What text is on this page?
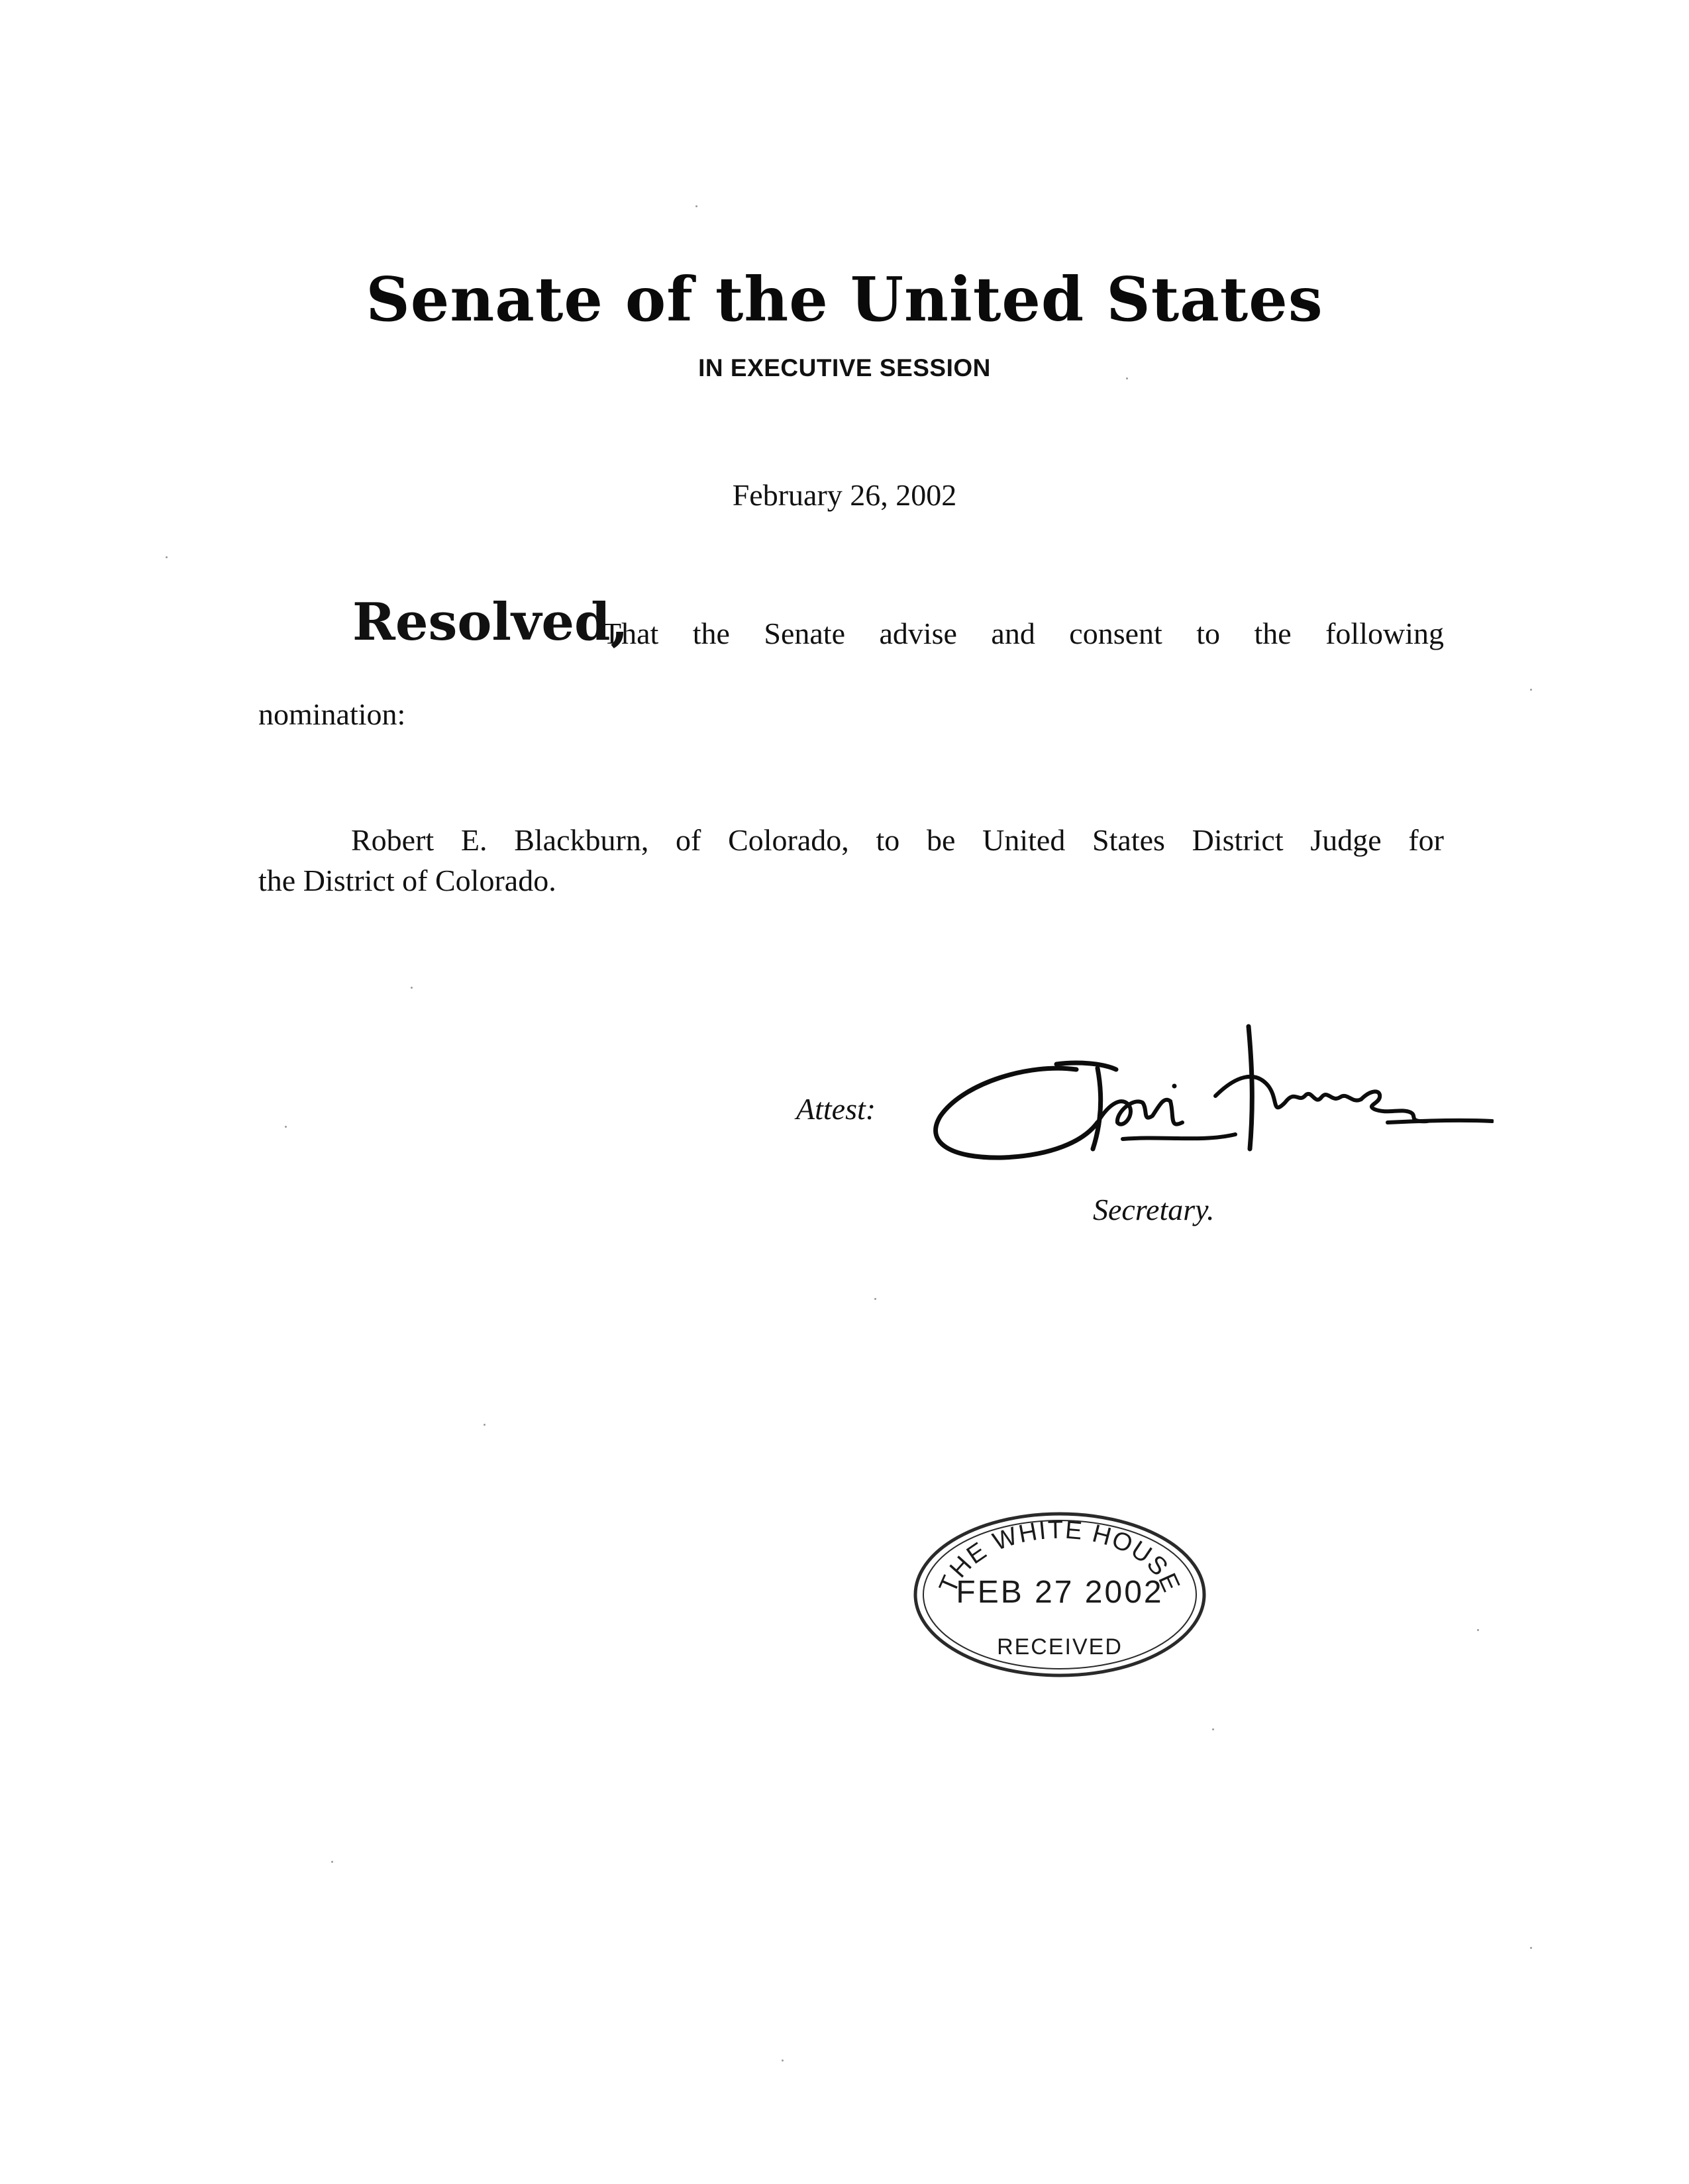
Senate of the United States
IN EXECUTIVE SESSION
February 26, 2002
Resolved,
That the Senate advise and consent to the following
nomination:
Robert E. Blackburn, of Colorado, to be United States District Judge for
the District of Colorado.
Attest:
Secretary.
THE WHITE HOUSE
FEB 27 2002
RECEIVED
